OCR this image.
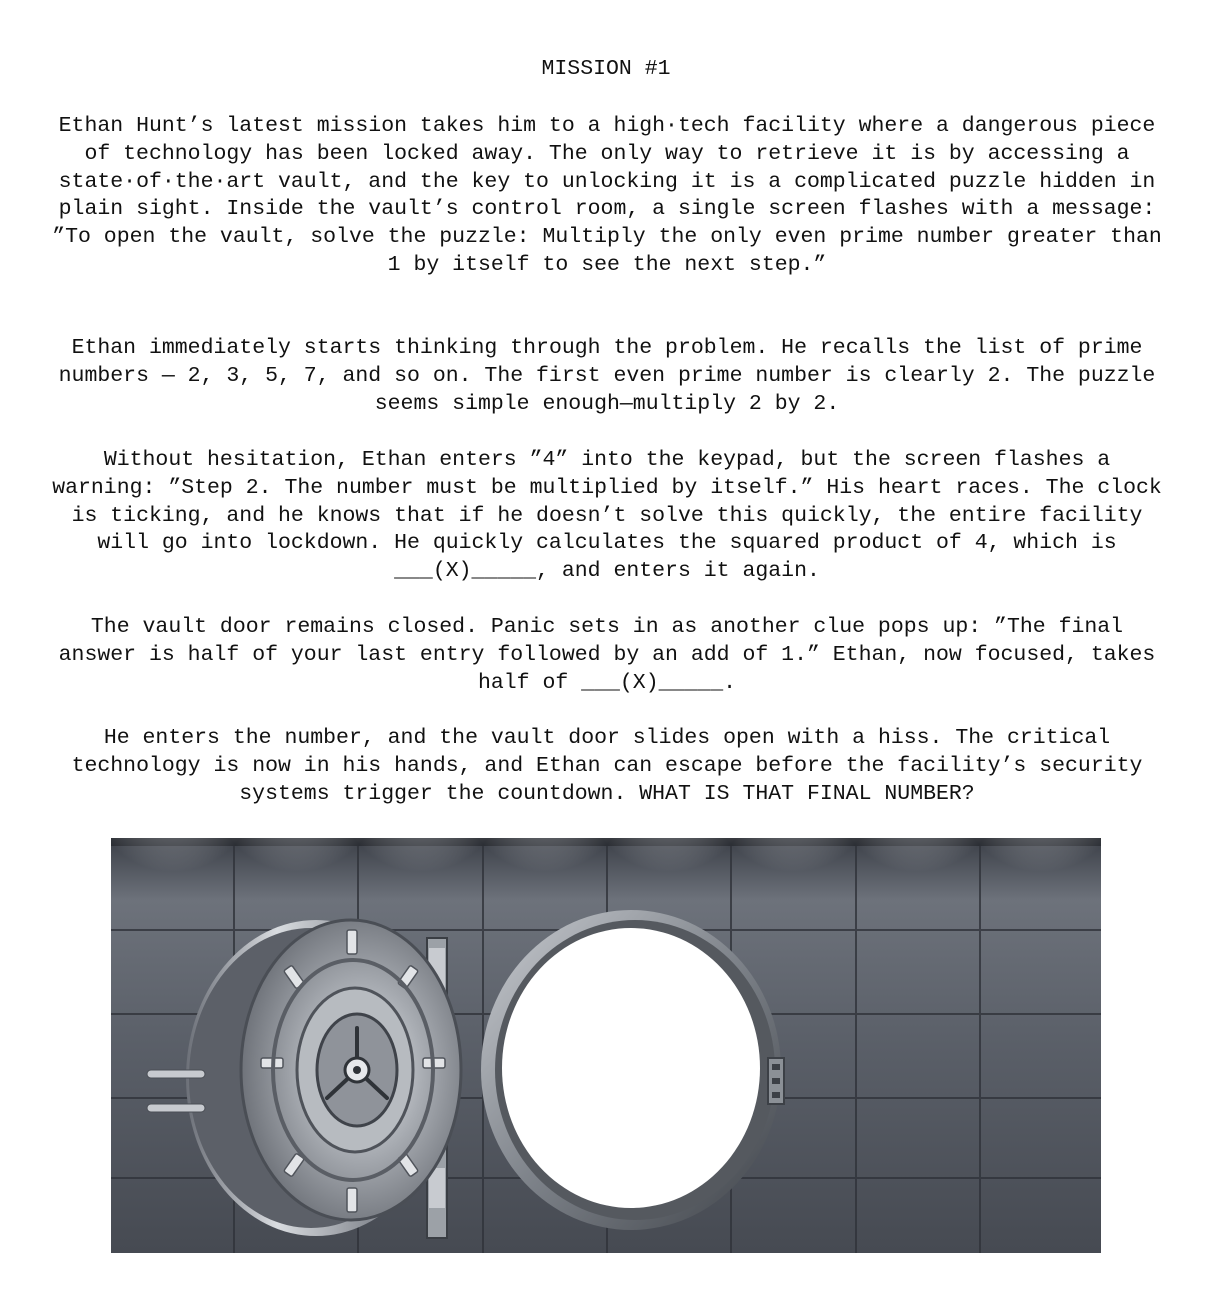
MISSION #1

Ethan Hunt’s latest mission takes him to a high·tech facility where a dangerous piece of technology has been locked away. The only way to retrieve it is by accessing a state·of·the·art vault, and the key to unlocking it is a complicated puzzle hidden in plain sight. Inside the vault’s control room, a single screen flashes with a message: ”To open the vault, solve the puzzle: Multiply the only even prime number greater than 1 by itself to see the next step.”

Ethan immediately starts thinking through the problem. He recalls the list of prime numbers — 2, 3, 5, 7, and so on. The first even prime number is clearly 2. The puzzle seems simple enough—multiply 2 by 2.

Without hesitation, Ethan enters ”4” into the keypad, but the screen flashes a warning: ”Step 2. The number must be multiplied by itself.” His heart races. The clock is ticking, and he knows that if he doesn’t solve this quickly, the entire facility will go into lockdown. He quickly calculates the squared product of 4, which is ___(X)_____, and enters it again.

The vault door remains closed. Panic sets in as another clue pops up: ”The final answer is half of your last entry followed by an add of 1.” Ethan, now focused, takes half of ___(X)_____.

He enters the number, and the vault door slides open with a hiss. The critical technology is now in his hands, and Ethan can escape before the facility’s security systems trigger the countdown. WHAT IS THAT FINAL NUMBER?
